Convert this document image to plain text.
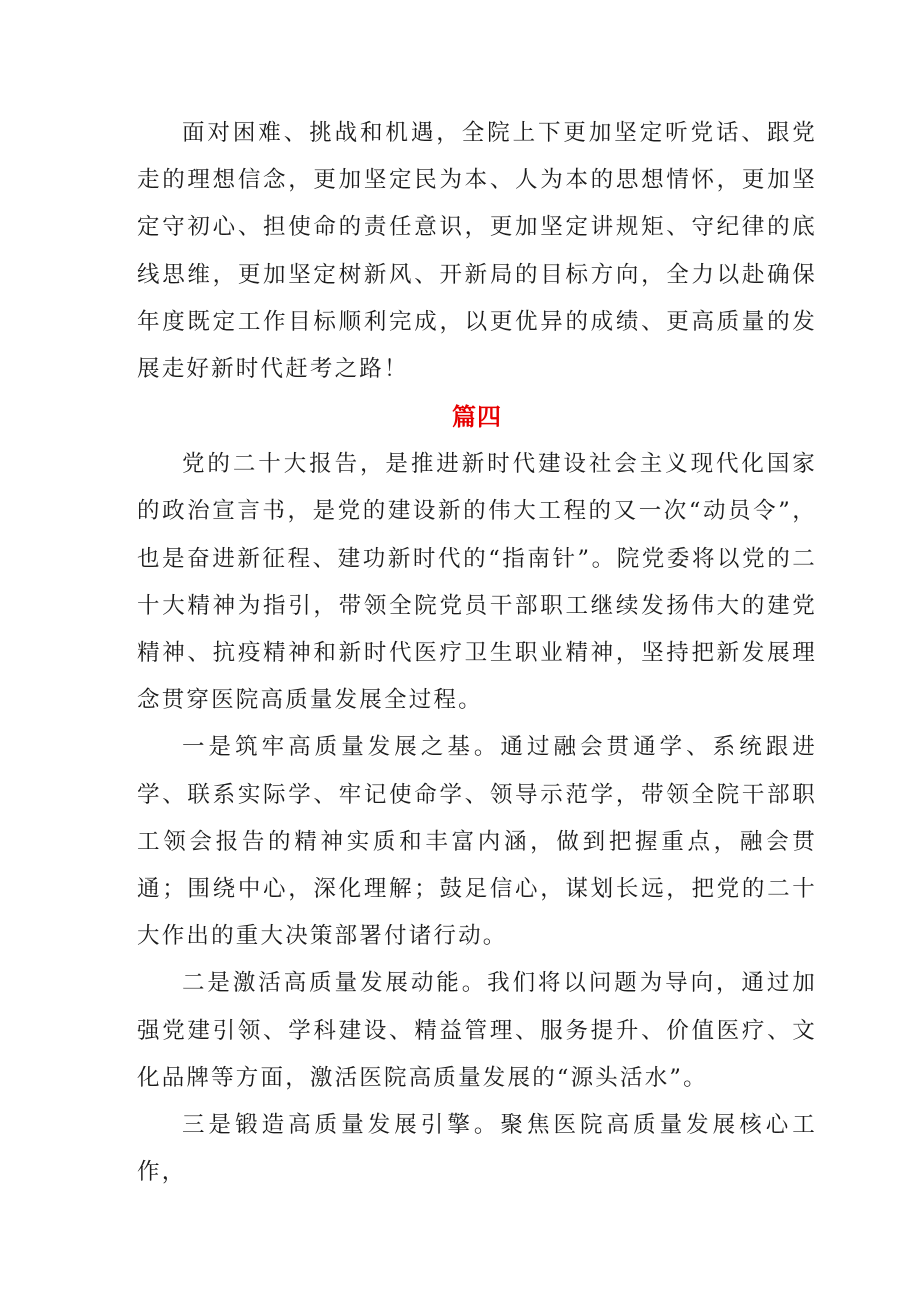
面对困难、挑战和机遇，全院上下更加坚定听党话、跟党走的理想信念，更加坚定民为本、人为本的思想情怀，更加坚定守初心、担使命的责任意识，更加坚定讲规矩、守纪律的底线思维，更加坚定树新风、开新局的目标方向，全力以赴确保年度既定工作目标顺利完成，以更优异的成绩、更高质量的发展走好新时代赶考之路！

篇四

党的二十大报告，是推进新时代建设社会主义现代化国家的政治宣言书，是党的建设新的伟大工程的又一次“动员令”，也是奋进新征程、建功新时代的“指南针”。院党委将以党的二十大精神为指引，带领全院党员干部职工继续发扬伟大的建党精神、抗疫精神和新时代医疗卫生职业精神，坚持把新发展理念贯穿医院高质量发展全过程。

一是筑牢高质量发展之基。通过融会贯通学、系统跟进学、联系实际学、牢记使命学、领导示范学，带领全院干部职工领会报告的精神实质和丰富内涵，做到把握重点，融会贯通；围绕中心，深化理解；鼓足信心，谋划长远，把党的二十大作出的重大决策部署付诸行动。

二是激活高质量发展动能。我们将以问题为导向，通过加强党建引领、学科建设、精益管理、服务提升、价值医疗、文化品牌等方面，激活医院高质量发展的“源头活水”。

三是锻造高质量发展引擎。聚焦医院高质量发展核心工作，
